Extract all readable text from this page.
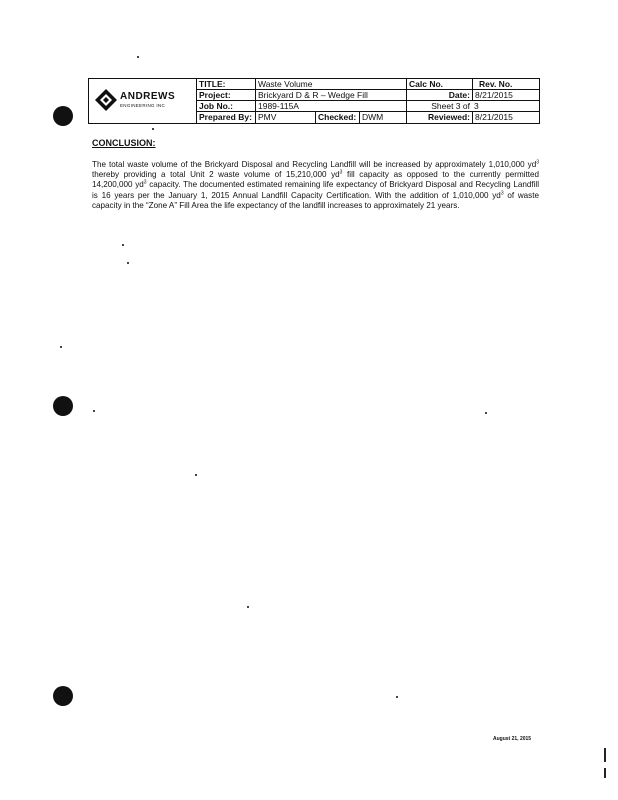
ANDREWS
ENGINEERING INC
TITLE:	Waste Volume	Calc No.	Rev. No.
Project:	Brickyard D & R – Wedge Fill	Date: 8/21/2015
Job No.:	1989-115A	Sheet 3 of 3
Prepared By: PMV	Checked: DWM	Reviewed: 8/21/2015
CONCLUSION:
The total waste volume of the Brickyard Disposal and Recycling Landfill will be increased by approximately 1,010,000 $yd^3$ thereby providing a total Unit 2 waste volume of 15,210,000 $yd^3$ fill capacity as opposed to the currently permitted 14,200,000 $yd^3$ capacity. The documented estimated remaining life expectancy of Brickyard Disposal and Recycling Landfill is 16 years per the January 1, 2015 Annual Landfill Capacity Certification. With the addition of 1,010,000 $yd^3$ of waste capacity in the “Zone A” Fill Area the life expectancy of the landfill increases to approximately 21 years.
August 21, 2015
